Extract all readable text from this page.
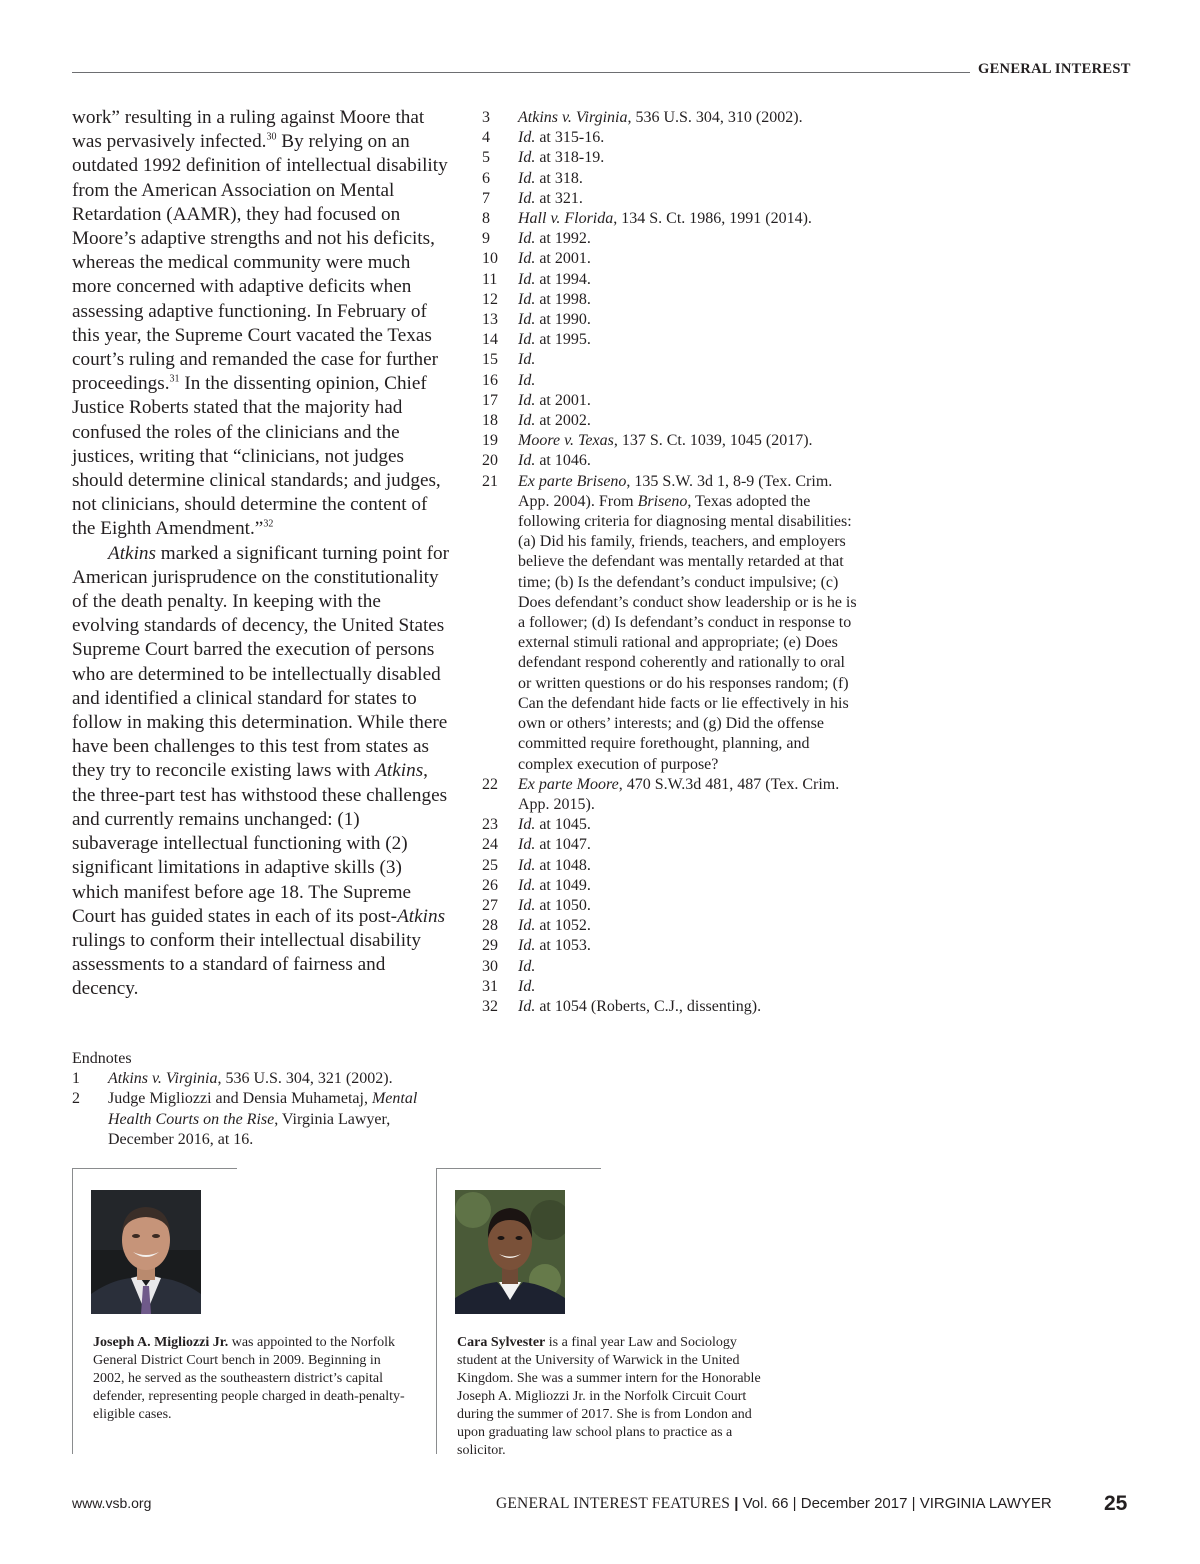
GENERAL INTEREST

work” resulting in a ruling against Moore that was pervasively infected.$^{30}$ By relying on an outdated 1992 definition of intellectual disability from the American Association on Mental Retardation (AAMR), they had focused on Moore’s adaptive strengths and not his deficits, whereas the medical community were much more concerned with adaptive deficits when assessing adaptive functioning. In February of this year, the Supreme Court vacated the Texas court’s ruling and remanded the case for further proceedings.$^{31}$ In the dissenting opinion, Chief Justice Roberts stated that the majority had confused the roles of the clinicians and the justices, writing that “clinicians, not judges should determine clinical standards; and judges, not clinicians, should determine the content of the Eighth Amendment.”$^{32}$

Atkins marked a significant turning point for American jurisprudence on the constitutionality of the death penalty. In keeping with the evolving standards of decency, the United States Supreme Court barred the execution of persons who are determined to be intellectually disabled and identified a clinical standard for states to follow in making this determination. While there have been challenges to this test from states as they try to reconcile existing laws with Atkins, the three-part test has withstood these challenges and currently remains unchanged: (1) subaverage intellectual functioning with (2) significant limitations in adaptive skills (3) which manifest before age 18. The Supreme Court has guided states in each of its post-Atkins rulings to conform their intellectual disability assessments to a standard of fairness and decency.

Endnotes
1	Atkins v. Virginia, 536 U.S. 304, 321 (2002).
2	Judge Migliozzi and Densia Muhametaj, Mental Health Courts on the Rise, Virginia Lawyer, December 2016, at 16.
3	Atkins v. Virginia, 536 U.S. 304, 310 (2002).
4	Id. at 315-16.
5	Id. at 318-19.
6	Id. at 318.
7	Id. at 321.
8	Hall v. Florida, 134 S. Ct. 1986, 1991 (2014).
9	Id. at 1992.
10	Id. at 2001.
11	Id. at 1994.
12	Id. at 1998.
13	Id. at 1990.
14	Id. at 1995.
15	Id.
16	Id.
17	Id. at 2001.
18	Id. at 2002.
19	Moore v. Texas, 137 S. Ct. 1039, 1045 (2017).
20	Id. at 1046.
21	Ex parte Briseno, 135 S.W. 3d 1, 8-9 (Tex. Crim. App. 2004). From Briseno, Texas adopted the following criteria for diagnosing mental disabilities: (a) Did his family, friends, teachers, and employers believe the defendant was mentally retarded at that time; (b) Is the defendant’s conduct impulsive; (c) Does defendant’s conduct show leadership or is he is a follower; (d) Is defendant’s conduct in response to external stimuli rational and appropriate; (e) Does defendant respond coherently and rationally to oral or written questions or do his responses random; (f) Can the defendant hide facts or lie effectively in his own or others’ interests; and (g) Did the offense committed require forethought, planning, and complex execution of purpose?
22	Ex parte Moore, 470 S.W.3d 481, 487 (Tex. Crim. App. 2015).
23	Id. at 1045.
24	Id. at 1047.
25	Id. at 1048.
26	Id. at 1049.
27	Id. at 1050.
28	Id. at 1052.
29	Id. at 1053.
30	Id.
31	Id.
32	Id. at 1054 (Roberts, C.J., dissenting).
Joseph A. Migliozzi Jr. was appointed to the Norfolk General District Court bench in 2009. Beginning in 2002, he served as the southeastern district’s capital defender, representing people charged in death-penalty-eligible cases.
Cara Sylvester is a final year Law and Sociology student at the University of Warwick in the United Kingdom. She was a summer intern for the Honorable Joseph A. Migliozzi Jr. in the Norfolk Circuit Court during the summer of 2017. She is from London and upon graduating law school plans to practice as a solicitor.
www.vsb.org	GENERAL INTEREST FEATURES | Vol. 66 | December 2017 | VIRGINIA LAWYER 25
